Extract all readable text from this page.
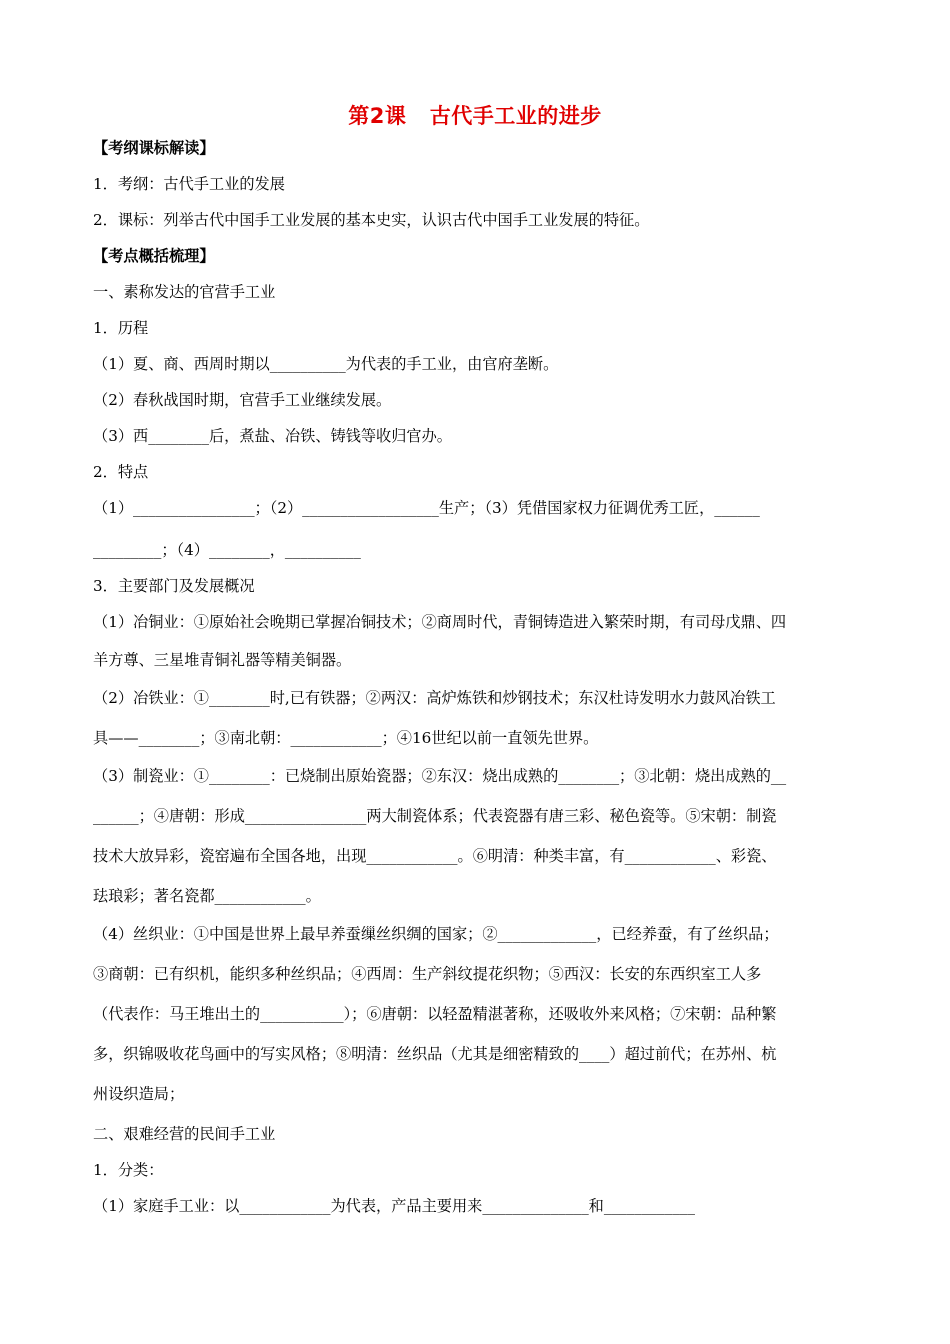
第2课   古代手工业的进步
【考纲课标解读】
1．考纲：古代手工业的发展
2．课标：列举古代中国手工业发展的基本史实，认识古代中国手工业发展的特征。
【考点概括梳理】
一、素称发达的官营手工业
1．历程
（1）夏、商、西周时期以__________为代表的手工业，由官府垄断。
（2）春秋战国时期，官营手工业继续发展。
（3）西________后，煮盐、冶铁、铸钱等收归官办。
2．特点
（1）________________；（2）__________________生产；（3）凭借国家权力征调优秀工匠，______
_________；（4）________，__________
3．主要部门及发展概况
（1）冶铜业：①原始社会晚期已掌握冶铜技术；②商周时代，青铜铸造进入繁荣时期，有司母戊鼎、四
羊方尊、三星堆青铜礼器等精美铜器。
（2）冶铁业：①________时,已有铁器；②两汉：高炉炼铁和炒钢技术；东汉杜诗发明水力鼓风冶铁工
具——________；③南北朝：____________；④16世纪以前一直领先世界。
（3）制瓷业：①________：已烧制出原始瓷器；②东汉：烧出成熟的________；③北朝：烧出成熟的__
______；④唐朝：形成________________两大制瓷体系；代表瓷器有唐三彩、秘色瓷等。⑤宋朝：制瓷
技术大放异彩，瓷窑遍布全国各地，出现____________。⑥明清：种类丰富，有____________、彩瓷、
珐琅彩；著名瓷都____________。
（4）丝织业：①中国是世界上最早养蚕缫丝织绸的国家；②_____________，已经养蚕，有了丝织品；
③商朝：已有织机，能织多种丝织品；④西周：生产斜纹提花织物；⑤西汉：长安的东西织室工人多
（代表作：马王堆出土的___________）；⑥唐朝：以轻盈精湛著称，还吸收外来风格；⑦宋朝：品种繁
多，织锦吸收花鸟画中的写实风格；⑧明清：丝织品（尤其是细密精致的____）超过前代；在苏州、杭
州设织造局；
二、艰难经营的民间手工业
1．分类：
（1）家庭手工业：以____________为代表，产品主要用来______________和____________
